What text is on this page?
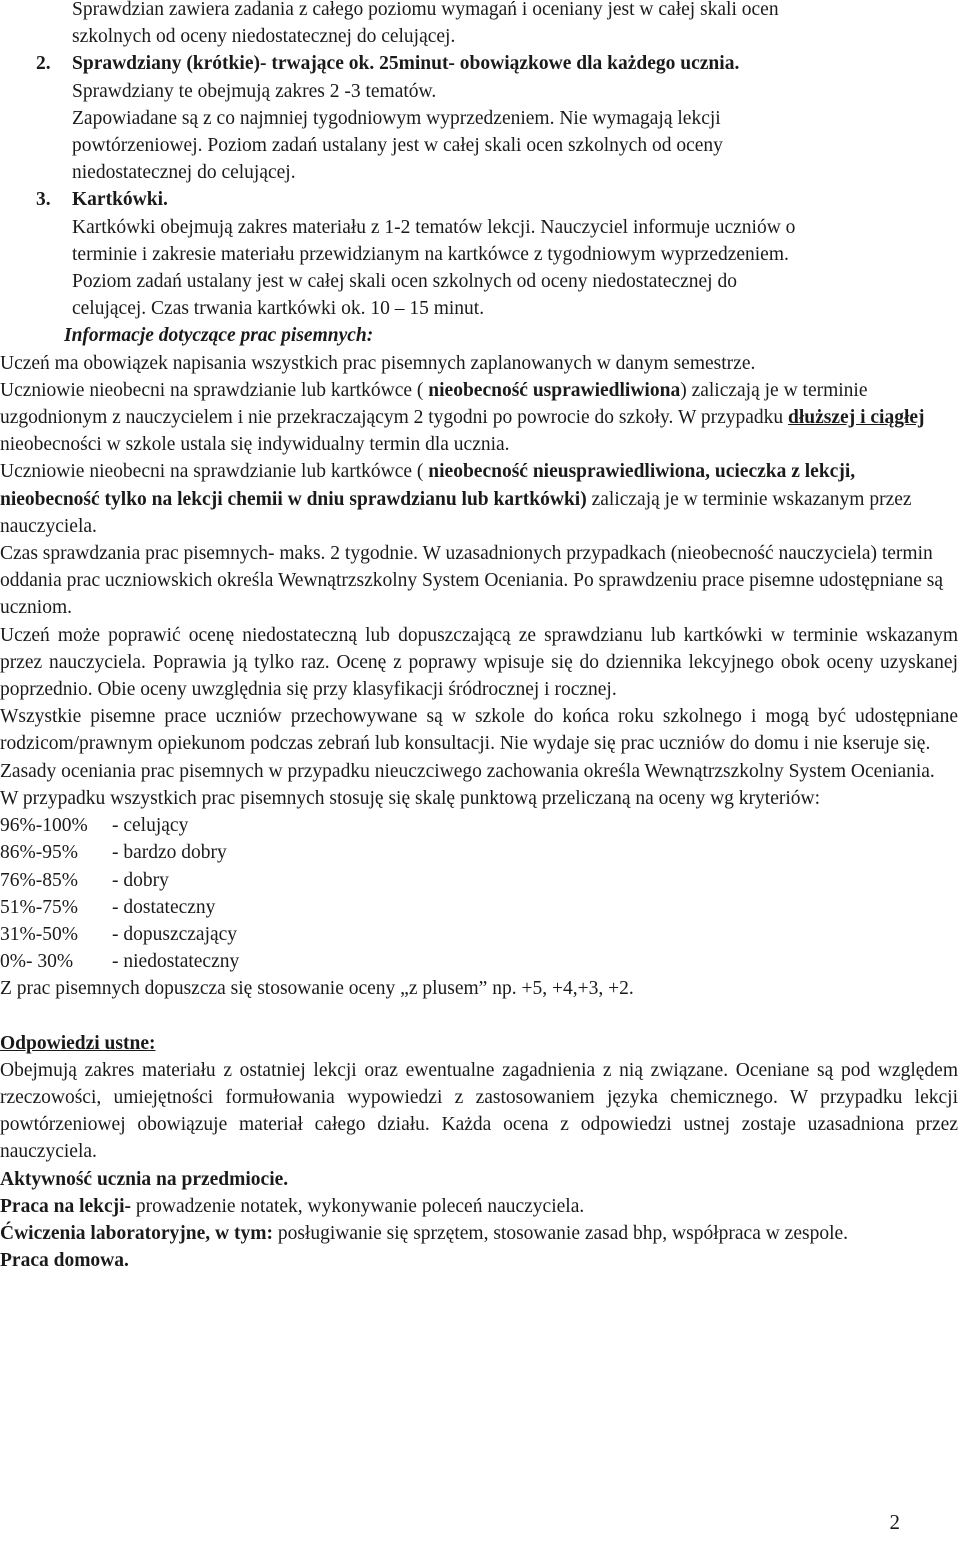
Sprawdzian zawiera zadania z całego poziomu wymagań i oceniany jest w całej skali ocen

szkolnych od oceny niedostatecznej do celującej.

2. Sprawdziany (krótkie)- trwające ok. 25minut- obowiązkowe dla każdego ucznia.

Sprawdziany te obejmują zakres 2 -3 tematów.

Zapowiadane są z co najmniej tygodniowym wyprzedzeniem. Nie wymagają lekcji

powtórzeniowej. Poziom zadań ustalany jest w całej skali ocen szkolnych od oceny

niedostatecznej do celującej.

3. Kartkówki.

Kartkówki obejmują zakres materiału z 1-2 tematów lekcji. Nauczyciel informuje uczniów o

terminie i zakresie materiału przewidzianym na kartkówce z tygodniowym wyprzedzeniem.

Poziom zadań ustalany jest w całej skali ocen szkolnych od oceny niedostatecznej do

celującej. Czas trwania kartkówki ok. 10 – 15 minut.

Informacje dotyczące prac pisemnych:

Uczeń ma obowiązek napisania wszystkich prac pisemnych zaplanowanych w danym semestrze.

Uczniowie nieobecni na sprawdzianie lub kartkówce ( nieobecność usprawiedliwiona) zaliczają je w terminie uzgodnionym z nauczycielem i nie przekraczającym 2 tygodni po powrocie do szkoły. W przypadku dłuższej i ciągłej nieobecności w szkole ustala się indywidualny termin dla ucznia.

Uczniowie nieobecni na sprawdzianie lub kartkówce ( nieobecność nieusprawiedliwiona, ucieczka z lekcji, nieobecność tylko na lekcji chemii w dniu sprawdzianu lub kartkówki) zaliczają je w terminie wskazanym przez nauczyciela.

Czas sprawdzania prac pisemnych- maks. 2 tygodnie. W uzasadnionych przypadkach (nieobecność nauczyciela) termin oddania prac uczniowskich określa Wewnątrzszkolny System Oceniania. Po sprawdzeniu prace pisemne udostępniane są uczniom.

Uczeń może poprawić ocenę niedostateczną lub dopuszczającą ze sprawdzianu lub kartkówki w terminie wskazanym przez nauczyciela. Poprawia ją tylko raz. Ocenę z poprawy wpisuje się do dziennika lekcyjnego obok oceny uzyskanej poprzednio. Obie oceny uwzględnia się przy klasyfikacji śródrocznej i rocznej.

Wszystkie pisemne prace uczniów przechowywane są w szkole do końca roku szkolnego i mogą być udostępniane rodzicom/prawnym opiekunom podczas zebrań lub konsultacji. Nie wydaje się prac uczniów do domu i nie kseruje się.

Zasady oceniania prac pisemnych w przypadku nieuczciwego zachowania określa Wewnątrzszkolny System Oceniania.

W przypadku wszystkich prac pisemnych stosuję się skalę punktową przeliczaną na oceny wg kryteriów:

96%-100%	- celujący
86%-95%	- bardzo dobry
76%-85%	- dobry
51%-75%	- dostateczny
31%-50%	- dopuszczający
0%- 30%	- niedostateczny

Z prac pisemnych dopuszcza się stosowanie oceny „z plusem” np. +5, +4,+3, +2.

Odpowiedzi ustne:

Obejmują zakres materiału z ostatniej lekcji oraz ewentualne zagadnienia z nią związane. Oceniane są pod względem rzeczowości, umiejętności formułowania wypowiedzi z zastosowaniem języka chemicznego. W przypadku lekcji powtórzeniowej obowiązuje materiał całego działu. Każda ocena z odpowiedzi ustnej zostaje uzasadniona przez nauczyciela.

Aktywność ucznia na przedmiocie.

Praca na lekcji- prowadzenie notatek, wykonywanie poleceń nauczyciela.

Ćwiczenia laboratoryjne, w tym: posługiwanie się sprzętem, stosowanie zasad bhp, współpraca w zespole.

Praca domowa.

2
